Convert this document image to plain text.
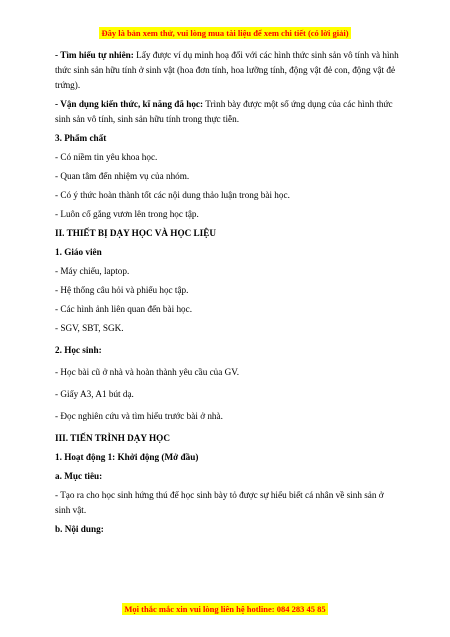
Đây là bản xem thử, vui lòng mua tài liệu để xem chi tiết (có lời giải)

- Tìm hiểu tự nhiên: Lấy được ví dụ minh hoạ đối với các hình thức sinh sản vô tính và hình thức sinh sản hữu tính ở sinh vật (hoa đơn tính, hoa lưỡng tính, động vật đẻ con, động vật đẻ trứng).

- Vận dụng kiến thức, kĩ năng đã học: Trình bày được một số ứng dụng của các hình thức sinh sản vô tính, sinh sản hữu tính trong thực tiễn.

3. Phẩm chất

- Có niềm tin yêu khoa học.

- Quan tâm đến nhiệm vụ của nhóm.

- Có ý thức hoàn thành tốt các nội dung thảo luận trong bài học.

- Luôn cố gắng vươn lên trong học tập.

II. THIẾT BỊ DẠY HỌC VÀ HỌC LIỆU

1. Giáo viên

- Máy chiếu, laptop.

- Hệ thống câu hỏi và phiếu học tập.

- Các hình ảnh liên quan đến bài học.

- SGV, SBT, SGK.

2. Học sinh:

- Học bài cũ ở nhà và hoàn thành yêu cầu của GV.

- Giấy A3, A1 bút dạ.

- Đọc nghiên cứu và tìm hiểu trước bài ở nhà.

III. TIẾN TRÌNH DẠY HỌC

1. Hoạt động 1: Khởi động (Mở đầu)

a. Mục tiêu:

- Tạo ra cho học sinh hứng thú để học sinh bày tỏ được sự hiểu biết cá nhân về sinh sản ở sinh vật.

b. Nội dung:

Mọi thắc mắc xin vui lòng liên hệ hotline: 084 283 45 85
